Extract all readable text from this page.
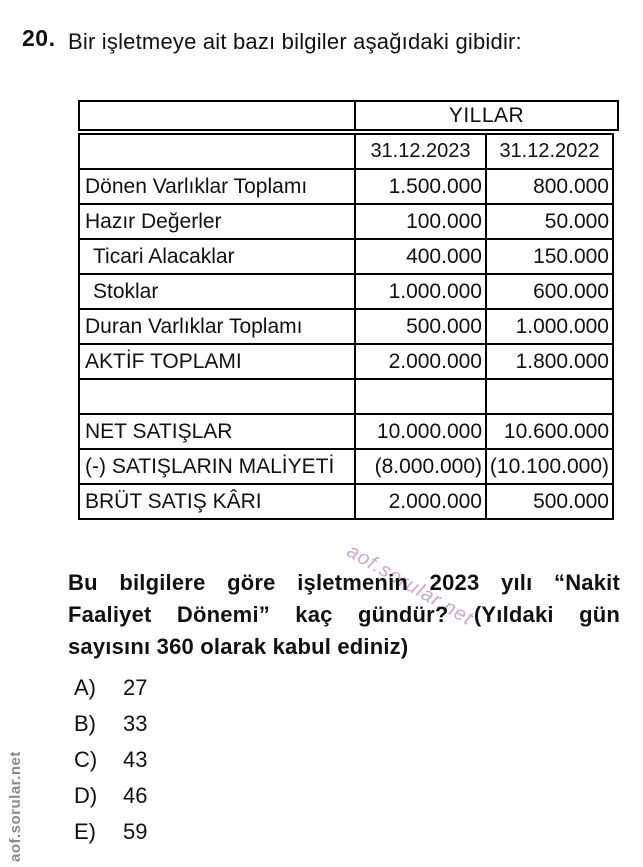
aof.sorular.net
20. Bir işletmeye ait bazı bilgiler aşağıdaki gibidir:
YILLAR
31.12.2023	31.12.2022
Dönen Varlıklar Toplamı	1.500.000	800.000
Hazır Değerler	100.000	50.000
Ticari Alacaklar	400.000	150.000
Stoklar	1.000.000	600.000
Duran Varlıklar Toplamı	500.000	1.000.000
AKTİF TOPLAMI	2.000.000	1.800.000
NET SATIŞLAR	10.000.000	10.600.000
(-) SATIŞLARIN MALİYETİ	(8.000.000) (10.100.000)
BRÜT SATIŞ KÂRI	2.000.000	500.000
Bu bilgilere göre işletmenin 2023 yılı “Nakit
Faaliyet Dönemi” kaç gündür? (Yıldaki gün
sayısını 360 olarak kabul ediniz)
A)	27
B)	33
C)	43
D)	46
E)	59
aof.sorular.net
